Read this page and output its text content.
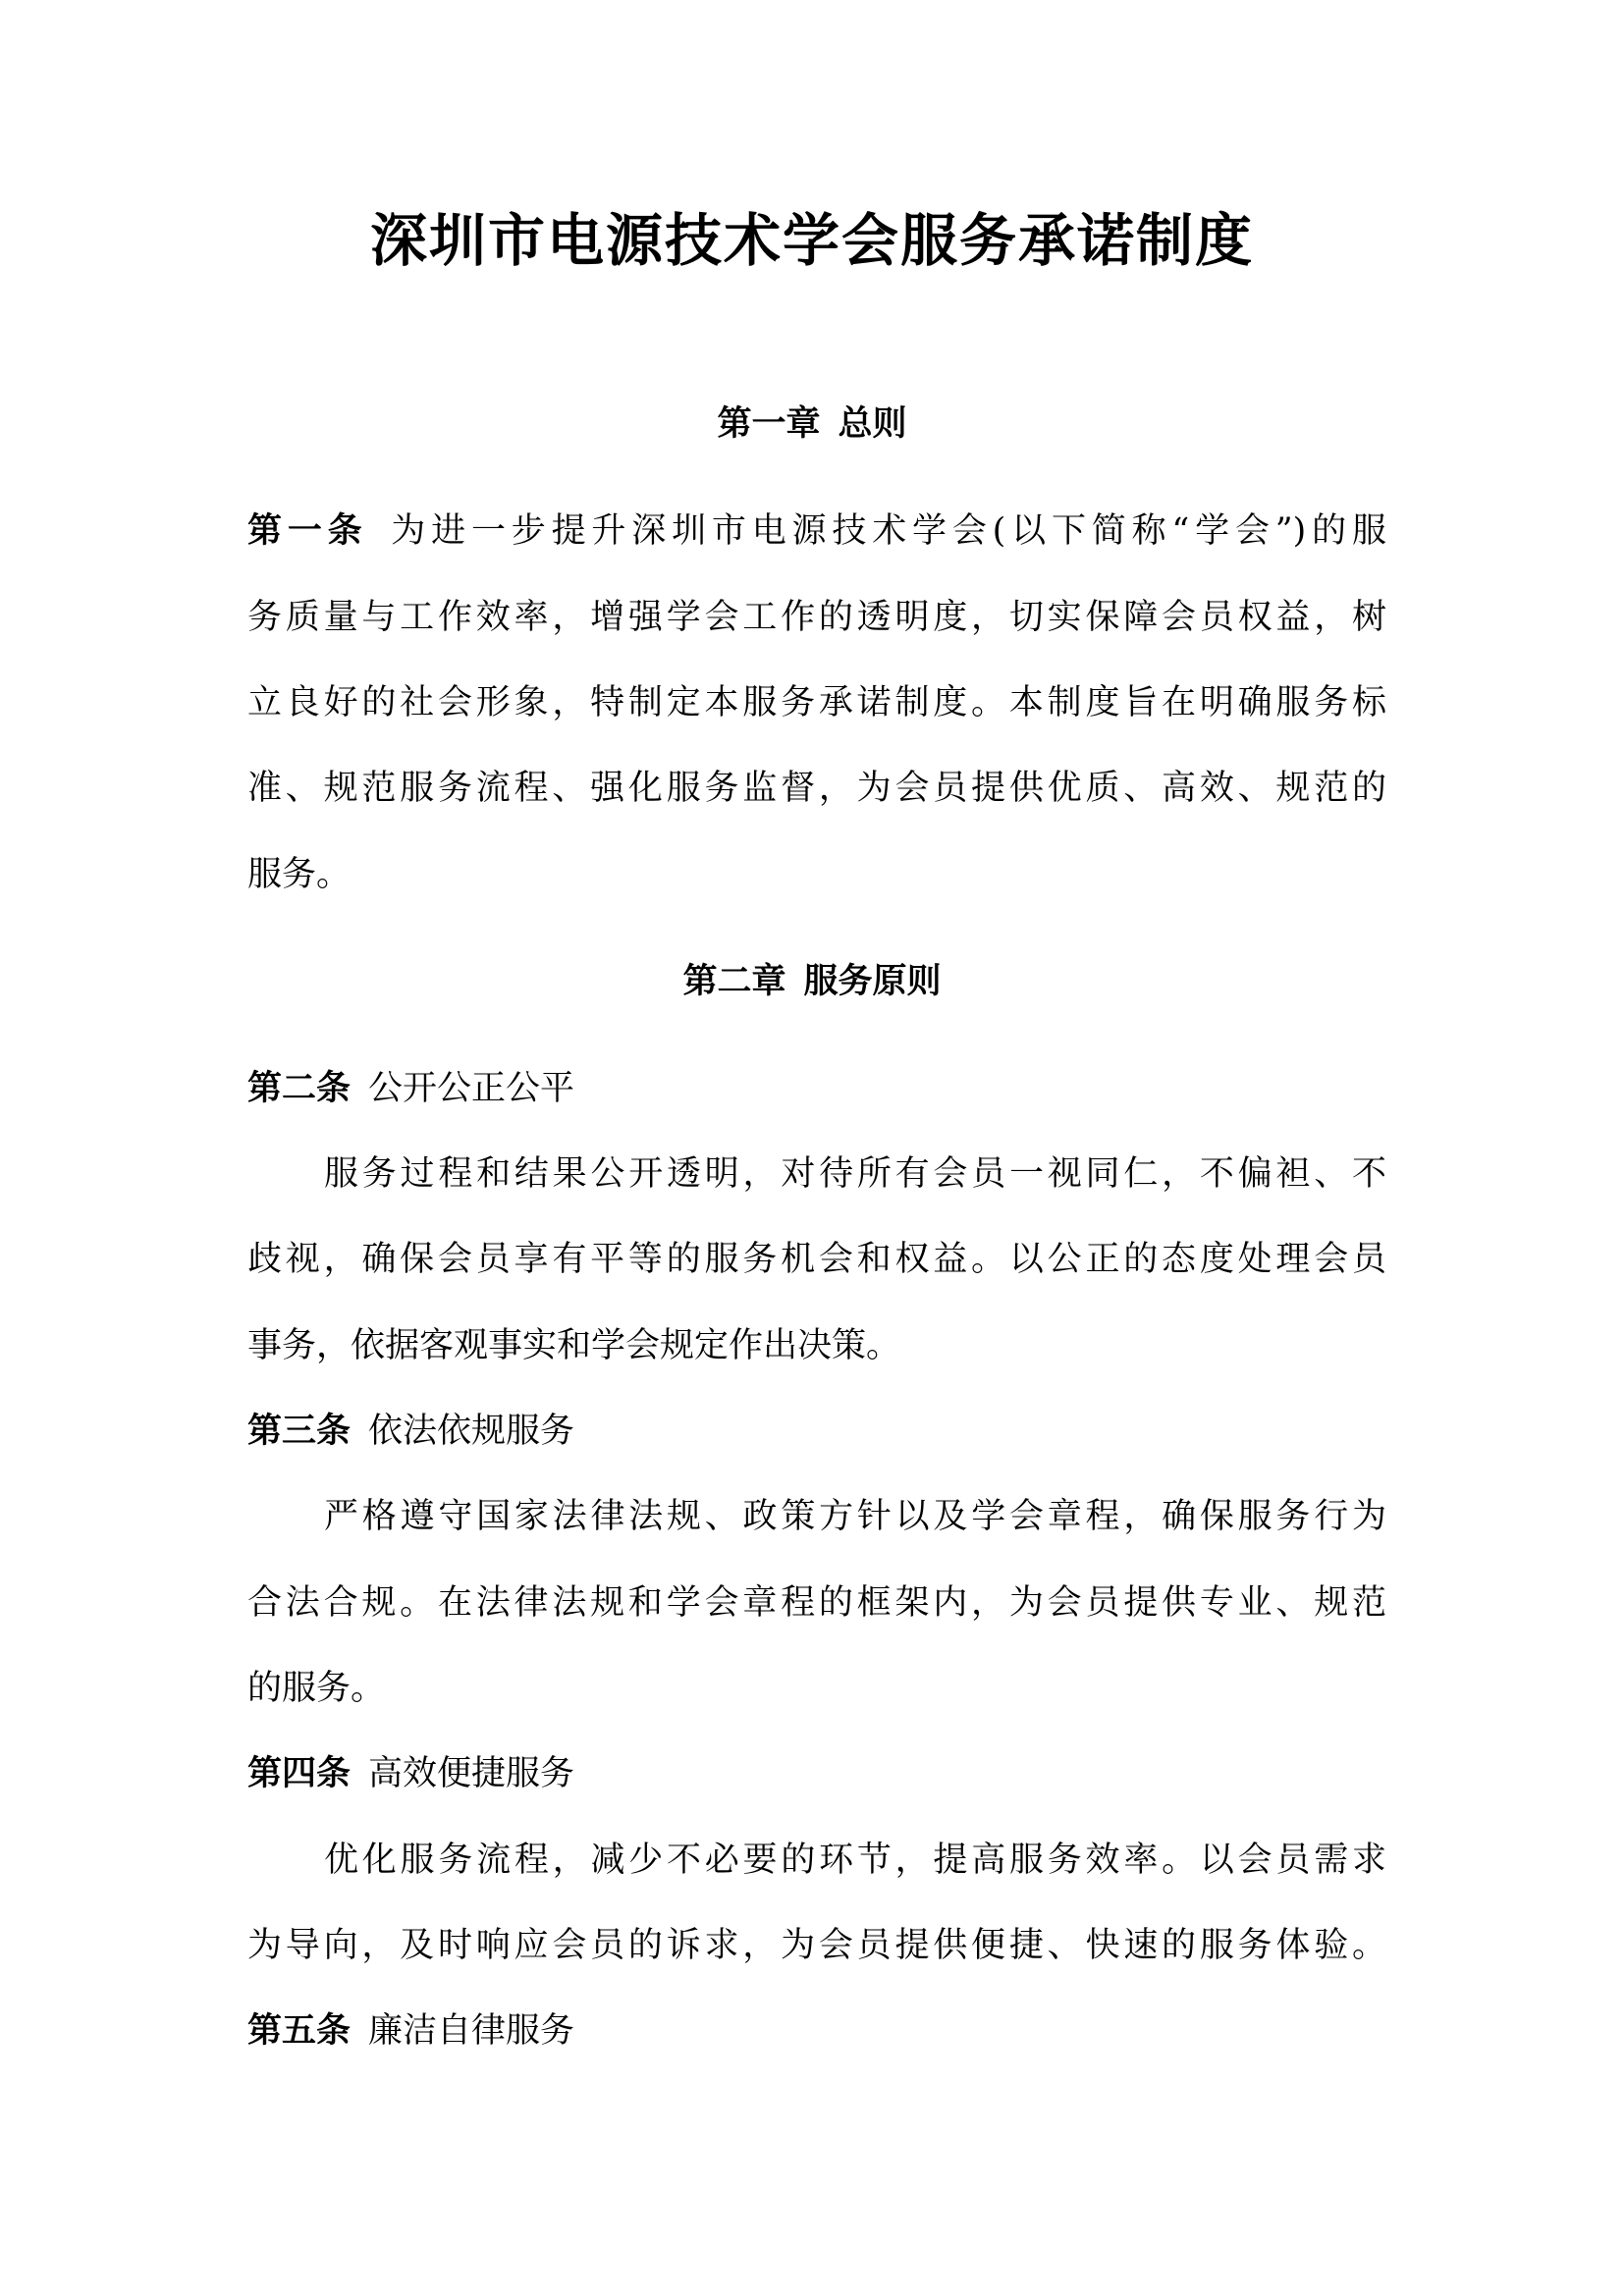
深圳市电源技术学会服务承诺制度
第一章 总则
第一条 为进一步提升深圳市电源技术学会(以下简称“学会”)的服
务质量与工作效率，增强学会工作的透明度，切实保障会员权益，树
立良好的社会形象，特制定本服务承诺制度。本制度旨在明确服务标
准、规范服务流程、强化服务监督，为会员提供优质、高效、规范的
服务。
第二章 服务原则
第二条 公开公正公平
服务过程和结果公开透明，对待所有会员一视同仁，不偏袒、不
歧视，确保会员享有平等的服务机会和权益。以公正的态度处理会员
事务，依据客观事实和学会规定作出决策。
第三条 依法依规服务
严格遵守国家法律法规、政策方针以及学会章程，确保服务行为
合法合规。在法律法规和学会章程的框架内，为会员提供专业、规范
的服务。
第四条 高效便捷服务
优化服务流程，减少不必要的环节，提高服务效率。以会员需求
为导向，及时响应会员的诉求，为会员提供便捷、快速的服务体验。
第五条 廉洁自律服务
